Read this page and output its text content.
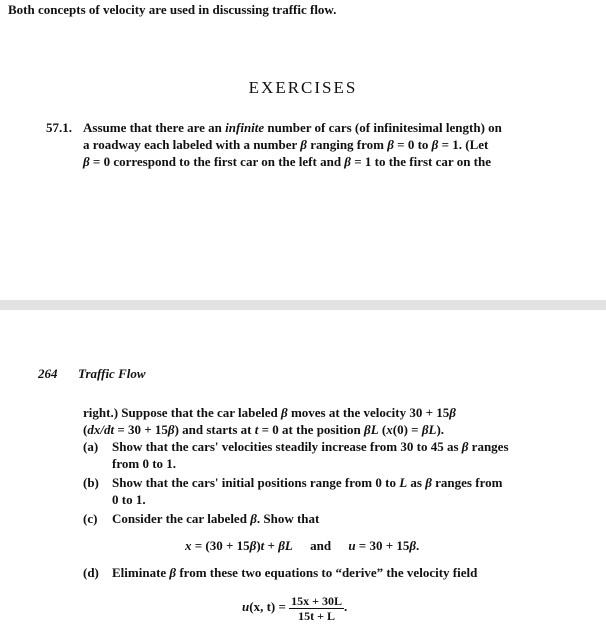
Both concepts of velocity are used in discussing traffic flow.
EXERCISES
57.1. Assume that there are an infinite number of cars (of infinitesimal length) on
a roadway each labeled with a number β ranging from β = 0 to β = 1. (Let
β = 0 correspond to the first car on the left and β = 1 to the first car on the
264 Traffic Flow
right.) Suppose that the car labeled β moves at the velocity 30 + 15β
(dx/dt = 30 + 15β) and starts at t = 0 at the position βL (x(0) = βL).
(a) Show that the cars' velocities steadily increase from 30 to 45 as β ranges
from 0 to 1.
(b) Show that the cars' initial positions range from 0 to L as β ranges from
0 to 1.
(c) Consider the car labeled β. Show that
x = (30 + 15β)t + βL and u = 30 + 15β.
(d) Eliminate β from these two equations to “derive” the velocity field
u(x, $t) = \frac{15x + 30L}{15t + L}$ .
